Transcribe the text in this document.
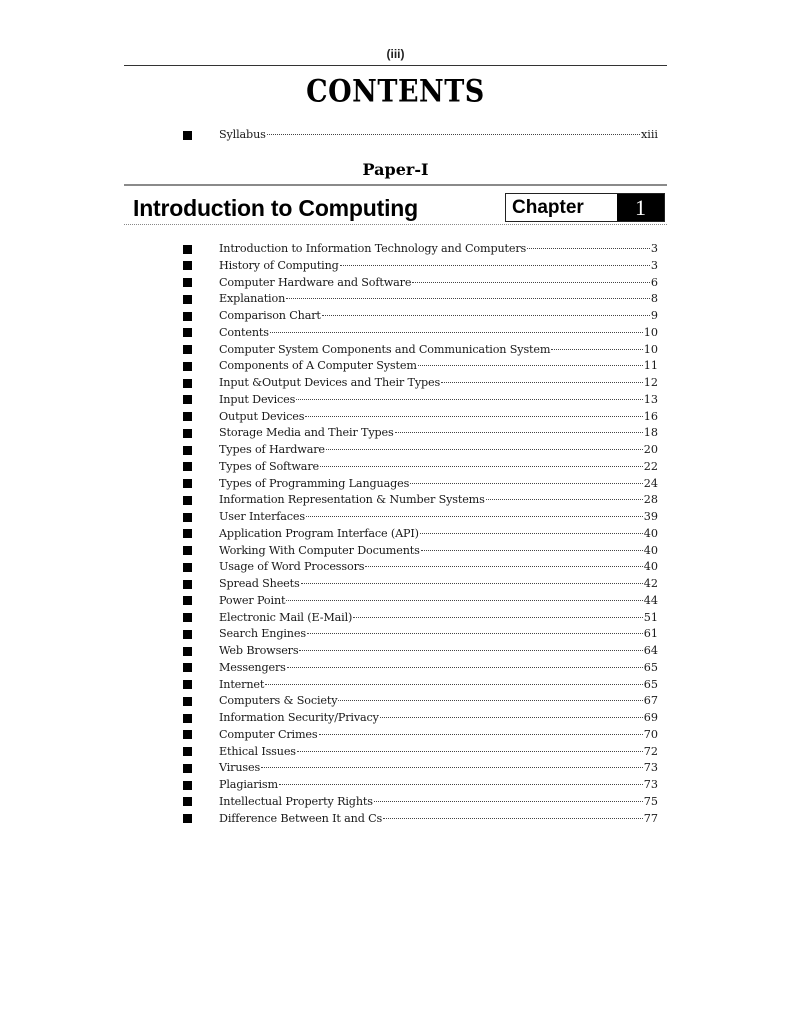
(iii)
CONTENTS
Syllabus	xiii
Paper-I
Introduction to Computing	Chapter	1
Introduction to Information Technology and Computers	3
History of Computing	3
Computer Hardware and Software	6
Explanation	8
Comparison Chart	9
Contents	10
Computer System Components and Communication System	10
Components of A Computer System	11
Input &Output Devices and Their Types	12
Input Devices	13
Output Devices	16
Storage Media and Their Types	18
Types of Hardware	20
Types of Software	22
Types of Programming Languages	24
Information Representation & Number Systems	28
User Interfaces	39
Application Program Interface (API)	40
Working With Computer Documents	40
Usage of Word Processors	40
Spread Sheets	42
Power Point	44
Electronic Mail (E-Mail)	51
Search Engines	61
Web Browsers	64
Messengers	65
Internet	65
Computers & Society	67
Information Security/Privacy	69
Computer Crimes	70
Ethical Issues	72
Viruses	73
Plagiarism	73
Intellectual Property Rights	75
Difference Between It and Cs	77
